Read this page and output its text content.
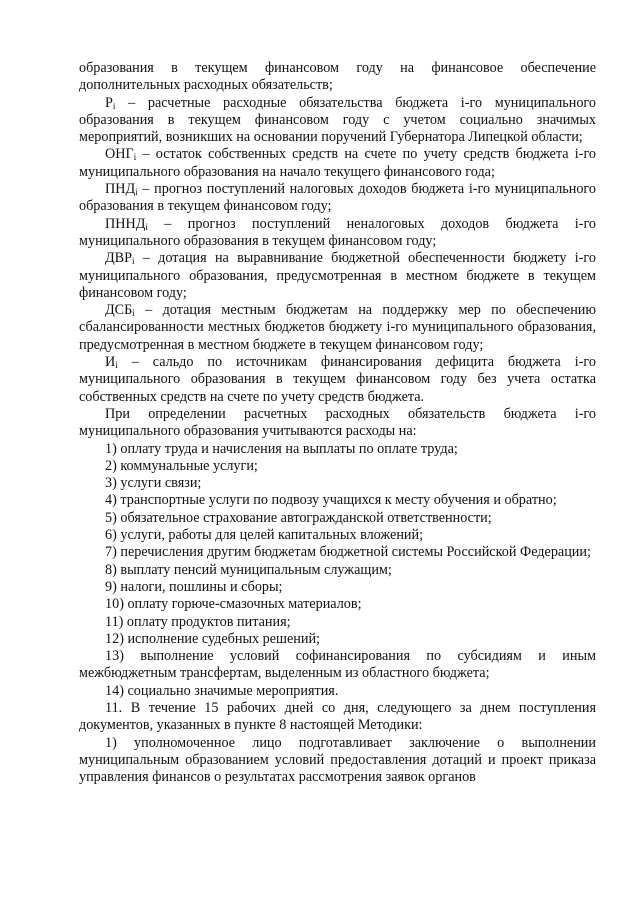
образования в текущем финансовом году на финансовое обеспечение дополнительных расходных обязательств;

$P_i$ – расчетные расходные обязательства бюджета i-го муниципального образования в текущем финансовом году с учетом социально значимых мероприятий, возникших на основании поручений Губернатора Липецкой области;

$ОНГ_i$ – остаток собственных средств на счете по учету средств бюджета i-го муниципального образования на начало текущего финансового года;

$ПНД_i$ – прогноз поступлений налоговых доходов бюджета i-го муниципального образования в текущем финансовом году;

$ПННД_i$ – прогноз поступлений неналоговых доходов бюджета i-го муниципального образования в текущем финансовом году;

$ДВР_i$ – дотация на выравнивание бюджетной обеспеченности бюджету i-го муниципального образования, предусмотренная в местном бюджете в текущем финансовом году;

$ДСБ_i$ – дотация местным бюджетам на поддержку мер по обеспечению сбалансированности местных бюджетов бюджету i-го муниципального образования, предусмотренная в местном бюджете в текущем финансовом году;

$И_i$ – сальдо по источникам финансирования дефицита бюджета i-го муниципального образования в текущем финансовом году без учета остатка собственных средств на счете по учету средств бюджета.

При определении расчетных расходных обязательств бюджета i-го муниципального образования учитываются расходы на:

1) оплату труда и начисления на выплаты по оплате труда;

2) коммунальные услуги;

3) услуги связи;

4) транспортные услуги по подвозу учащихся к месту обучения и обратно;

5) обязательное страхование автогражданской ответственности;

6) услуги, работы для целей капитальных вложений;

7) перечисления другим бюджетам бюджетной системы Российской Федерации;

8) выплату пенсий муниципальным служащим;

9) налоги, пошлины и сборы;

10) оплату горюче-смазочных материалов;

11) оплату продуктов питания;

12) исполнение судебных решений;

13) выполнение условий софинансирования по субсидиям и иным межбюджетным трансфертам, выделенным из областного бюджета;

14) социально значимые мероприятия.

11. В течение 15 рабочих дней со дня, следующего за днем поступления документов, указанных в пункте 8 настоящей Методики:

1) уполномоченное лицо подготавливает заключение о выполнении муниципальным образованием условий предоставления дотаций и проект приказа управления финансов о результатах рассмотрения заявок органов
